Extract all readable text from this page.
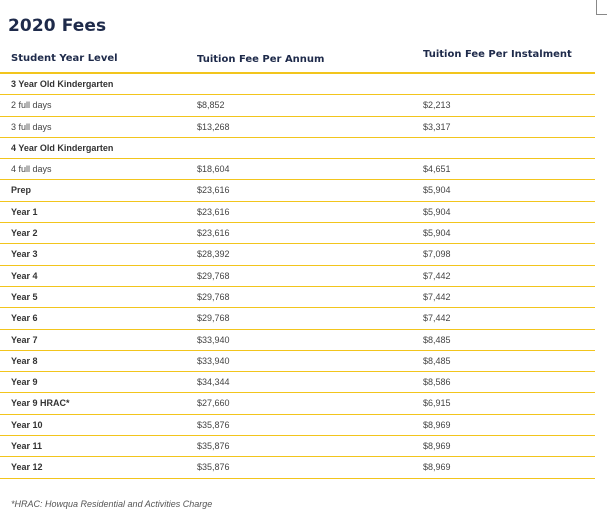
2020 Fees
Student Year Level	Tuition Fee Per Annum	Tuition Fee Per Instalment
3 Year Old Kindergarten
2 full days	$8,852	$2,213
3 full days	$13,268	$3,317
4 Year Old Kindergarten
4 full days	$18,604	$4,651
Prep	$23,616	$5,904
Year 1	$23,616	$5,904
Year 2	$23,616	$5,904
Year 3	$28,392	$7,098
Year 4	$29,768	$7,442
Year 5	$29,768	$7,442
Year 6	$29,768	$7,442
Year 7	$33,940	$8,485
Year 8	$33,940	$8,485
Year 9	$34,344	$8,586
Year 9 HRAC*	$27,660	$6,915
Year 10	$35,876	$8,969
Year 11	$35,876	$8,969
Year 12	$35,876	$8,969
*HRAC: Howqua Residential and Activities Charge
